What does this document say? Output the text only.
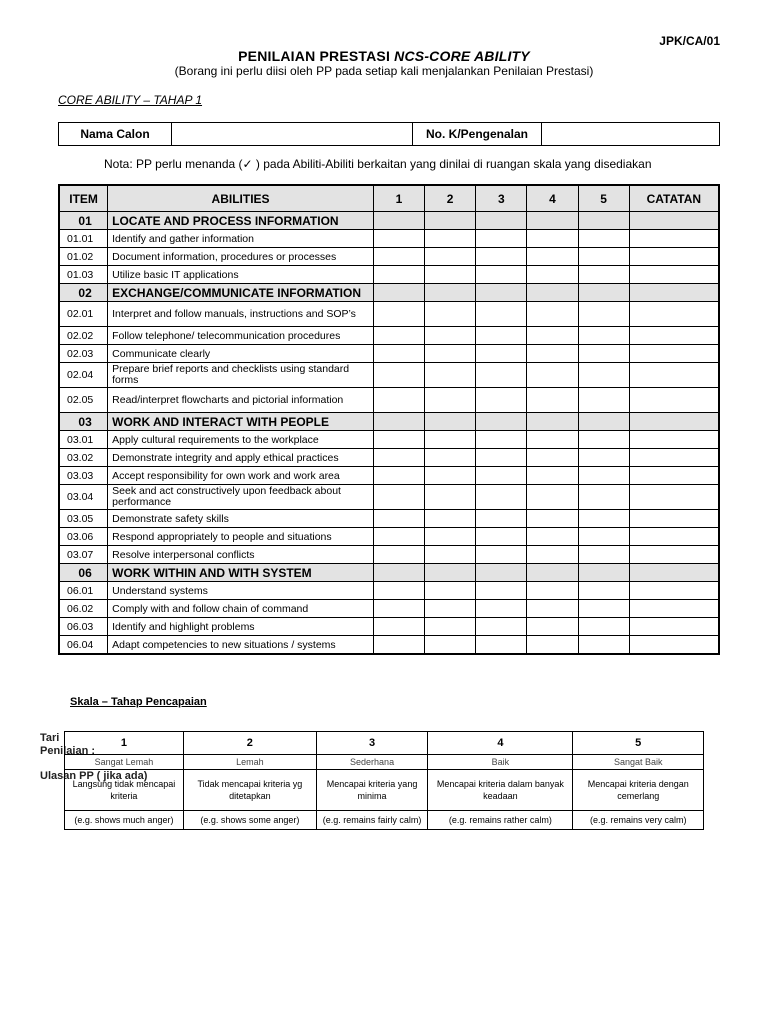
JPK/CA/01
PENILAIAN PRESTASI NCS-CORE ABILITY
(Borang ini perlu diisi oleh PP pada setiap kali menjalankan Penilaian Prestasi)
CORE ABILITY – TAHAP 1
Nama Calon		No. K/Pengenalan	
Nota: PP perlu menanda (✓ ) pada Abiliti-Abiliti berkaitan yang dinilai di ruangan skala yang disediakan
ITEM	ABILITIES	1	2	3	4	5	CATATAN
01	LOCATE AND PROCESS INFORMATION						
01.01	Identify and gather information						
01.02	Document information, procedures or processes						
01.03	Utilize basic IT applications						
02	EXCHANGE/COMMUNICATE INFORMATION						
02.01	Interpret and follow manuals, instructions and SOP’s						
02.02	Follow telephone/ telecommunication procedures						
02.03	Communicate clearly						
02.04	Prepare brief reports and checklists using standard forms						
02.05	Read/interpret flowcharts and pictorial information						
03	WORK AND INTERACT WITH PEOPLE						
03.01	Apply cultural requirements to the workplace						
03.02	Demonstrate integrity and apply ethical practices						
03.03	Accept responsibility for own work and work area						
03.04	Seek and act constructively upon feedback about performance						
03.05	Demonstrate safety skills						
03.06	Respond appropriately to people and situations						
03.07	Resolve interpersonal conflicts						
06	WORK WITHIN AND WITH SYSTEM						
06.01	Understand systems						
06.02	Comply with and follow chain of command						
06.03	Identify and highlight problems						
06.04	Adapt competencies to new situations / systems						
Skala – Tahap Pencapaian
Tari
Penilaian :
Ulasan PP ( jika ada)
1	2	3	4	5
Sangat Lemah	Lemah	Sederhana	Baik	Sangat Baik
Langsung tidak mencapai kriteria	Tidak mencapai kriteria yg ditetapkan	Mencapai kriteria yang minima	Mencapai kriteria dalam banyak keadaan	Mencapai kriteria dengan cemerlang
(e.g. shows much anger)	(e.g. shows some anger)	(e.g. remains fairly calm)	(e.g. remains rather calm)	(e.g. remains very calm)
